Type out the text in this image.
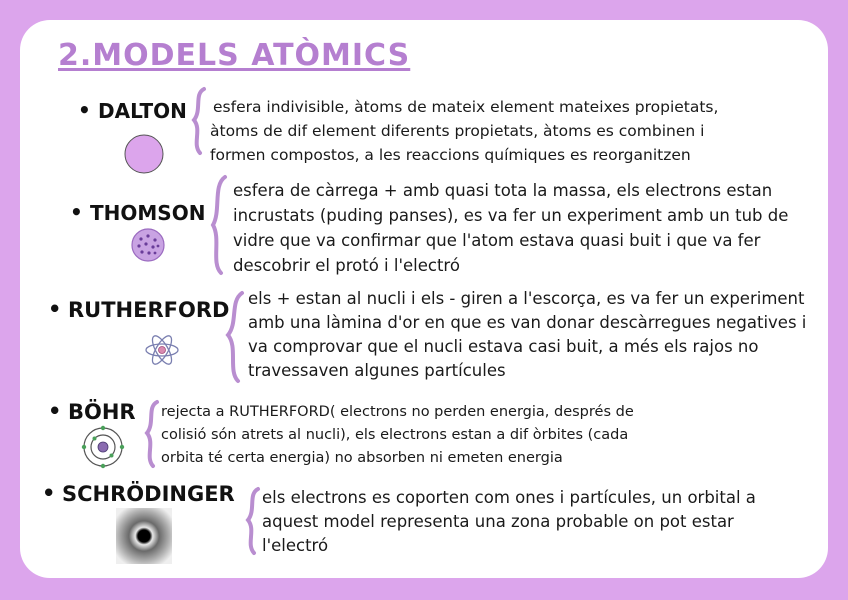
2.MODELS ATÒMICS
• DALTON esfera indivisible, àtoms de mateix element mateixes propietats,

àtoms de dif element diferents propietats, àtoms es combinen i

formen compostos, a les reaccions químiques es reorganitzen

• THOMSON

esfera de càrrega + amb quasi tota la massa, els electrons estan

incrustats (puding panses), es va fer un experiment amb un tub de

vidre que va confirmar que l'atom estava quasi buit i que va fer

descobrir el protó i l'electró

• RUTHERFORD els + estan al nucli i els - giren a l'escorça, es va fer un experiment

amb una làmina d'or en que es van donar descàrregues negatives i

va comprovar que el nucli estava casi buit, a més els rajos no

travessaven algunes partícules

• BÖHR rejecta a RUTHERFORD( electrons no perden energia, després de

colisió són atrets al nucli), els electrons estan a dif òrbites (cada

orbita té certa energia) no absorben ni emeten energia

• SCHRÖDINGER els electrons es coporten com ones i partícules, un orbital a

aquest model representa una zona probable on pot estar

l'electró
